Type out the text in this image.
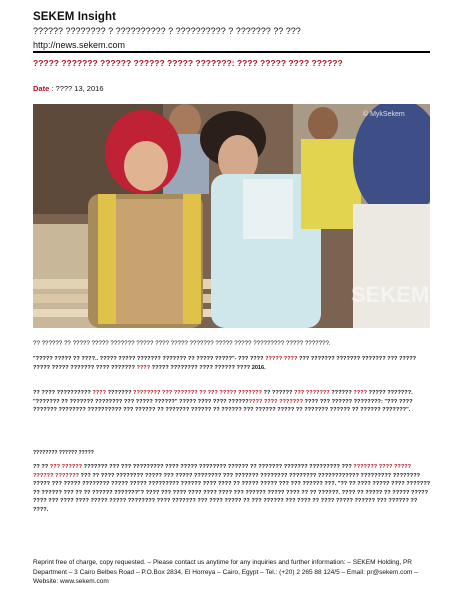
SEKEM Insight
?????? ???????? ? ?????????? ? ?????????? ? ??????? ?? ???
http://news.sekem.com
????? ??????? ?????? ?????? ????? ???????: ???? ????? ???? ??????
Date : ???? 13, 2016
© MykSekem
SEKEM
?? ?????? ?? ????? ????? ??????? ????? ???? ????? ??????? ????? ????? ????????? ????? ???????.
"????? ????? ?? ????.. ????? ????? ??????? ??????? ?? ????? ?????"- ??? ???? ????? ???? ??? ??????? ??????? ??????? ??? ????? ????? ????? ??????? ???? ??????? ???? ????? ???????? ???? ?????? ???? 2016.
?? ???? ?????????? ???? ??????? ???????? ??? ??????? ?? ??? ????? ??????? ?? ?????? ??? ??????? ?????? ???? ????? ???????. "??????? ?? ??????? ???????? ??? ????? ??????" ????? ???? ???? ?????????? ???? ??????? ???? ??? ?????? ????????: "??? ???? ??????? ???????? ?????????? ??? ?????? ?? ??????? ?????? ?? ?????? ??? ?????? ????? ?? ??????? ?????? ?? ?????? ???????".
???????? ?????? ?????
?? ?? ??? ?????? ??????? ??? ??? ????????? ???? ????? ???????? ?????? ?? ??????? ??????? ????????? ??? ??????? ???? ????? ?????? ??????? ??? ?? ???? ???????? ????? ??? ????? ???????? ??? ??????? ???????? ???????? ???????????? ????????? ???????? ????? ??? ????? ???????? ????? ????? ????????? ?????? ???? ???? ?? ????? ????? ??? ??? ?????? ???. "?? ?? ???? ????? ???? ??????? ?? ?????? ??? ?? ?? ?????? ???????"? ???? ??? ???? ???? ???? ???? ??? ?????? ????? ???? ?? ?? ??????. ???? ?? ????? ?? ????? ????? ???? ??? ???? ???? ????? ????? ???????? ???? ??????? ??? ???? ????? ?? ??? ?????? ??? ???? ?? ???? ????? ?????? ??? ?????? ?? ????.
Reprint free of charge, copy requested. – Please contact us anytime for any inquiries and further information: – SEKEM Holding, PR Department – 3 Cairo Belbes Road – P.O.Box 2834, El Horreya – Cairo, Egypt – Tel.: (+20) 2 265 88 124/5 – Email: pr@sekem.com – Website: www.sekem.com
